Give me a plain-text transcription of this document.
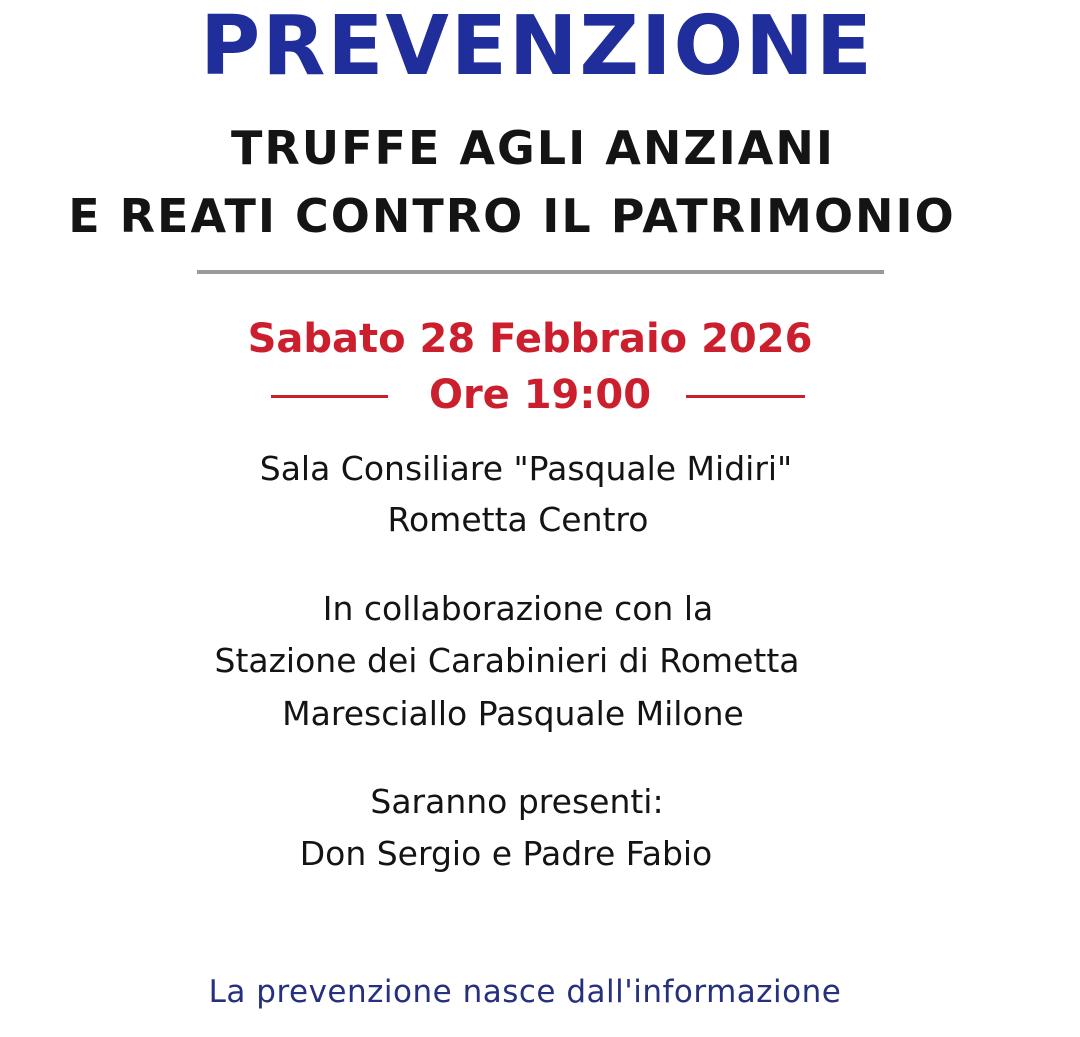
PREVENZIONE
TRUFFE AGLI ANZIANI
E REATI CONTRO IL PATRIMONIO
Sabato 28 Febbraio 2026
Ore 19:00
Sala Consiliare "Pasquale Midiri"
Rometta Centro
In collaborazione con la
Stazione dei Carabinieri di Rometta
Maresciallo Pasquale Milone
Saranno presenti:
Don Sergio e Padre Fabio
La prevenzione nasce dall'informazione
